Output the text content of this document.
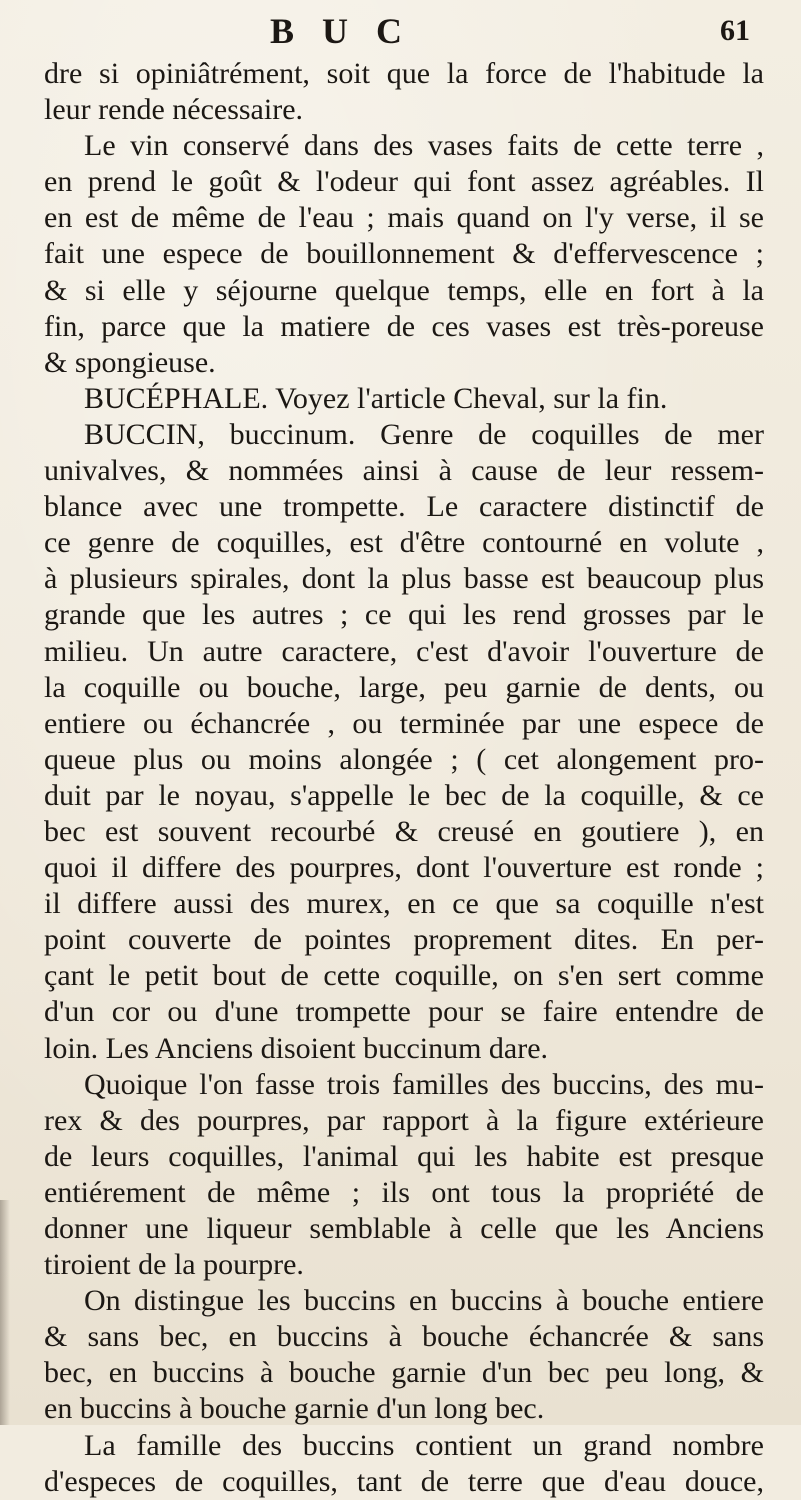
BUC	61
dre si opiniâtrément, soit que la force de l'habitude la
leur rende nécessaire.
Le vin conservé dans des vases faits de cette terre ,
en prend le goût & l'odeur qui font assez agréables. Il
en est de même de l'eau ; mais quand on l'y verse, il se
fait une espece de bouillonnement & d'effervescence ;
& si elle y séjourne quelque temps, elle en fort à la
fin, parce que la matiere de ces vases est très-poreuse
& spongieuse.
BUCÉPHALE. Voyez l'article Cheval, sur la fin.
BUCCIN, buccinum. Genre de coquilles de mer
univalves, & nommées ainsi à cause de leur ressem-
blance avec une trompette. Le caractere distinctif de
ce genre de coquilles, est d'être contourné en volute ,
à plusieurs spirales, dont la plus basse est beaucoup plus
grande que les autres ; ce qui les rend grosses par le
milieu. Un autre caractere, c'est d'avoir l'ouverture de
la coquille ou bouche, large, peu garnie de dents, ou
entiere ou échancrée , ou terminée par une espece de
queue plus ou moins alongée ; ( cet alongement pro-
duit par le noyau, s'appelle le bec de la coquille, & ce
bec est souvent recourbé & creusé en goutiere ), en
quoi il differe des pourpres, dont l'ouverture est ronde ;
il differe aussi des murex, en ce que sa coquille n'est
point couverte de pointes proprement dites. En per-
çant le petit bout de cette coquille, on s'en sert comme
d'un cor ou d'une trompette pour se faire entendre de
loin. Les Anciens disoient buccinum dare.
Quoique l'on fasse trois familles des buccins, des mu-
rex & des pourpres, par rapport à la figure extérieure
de leurs coquilles, l'animal qui les habite est presque
entiérement de même ; ils ont tous la propriété de
donner une liqueur semblable à celle que les Anciens
tiroient de la pourpre.
On distingue les buccins en buccins à bouche entiere
& sans bec, en buccins à bouche échancrée & sans
bec, en buccins à bouche garnie d'un bec peu long, &
en buccins à bouche garnie d'un long bec.
La famille des buccins contient un grand nombre
d'especes de coquilles, tant de terre que d'eau douce,
